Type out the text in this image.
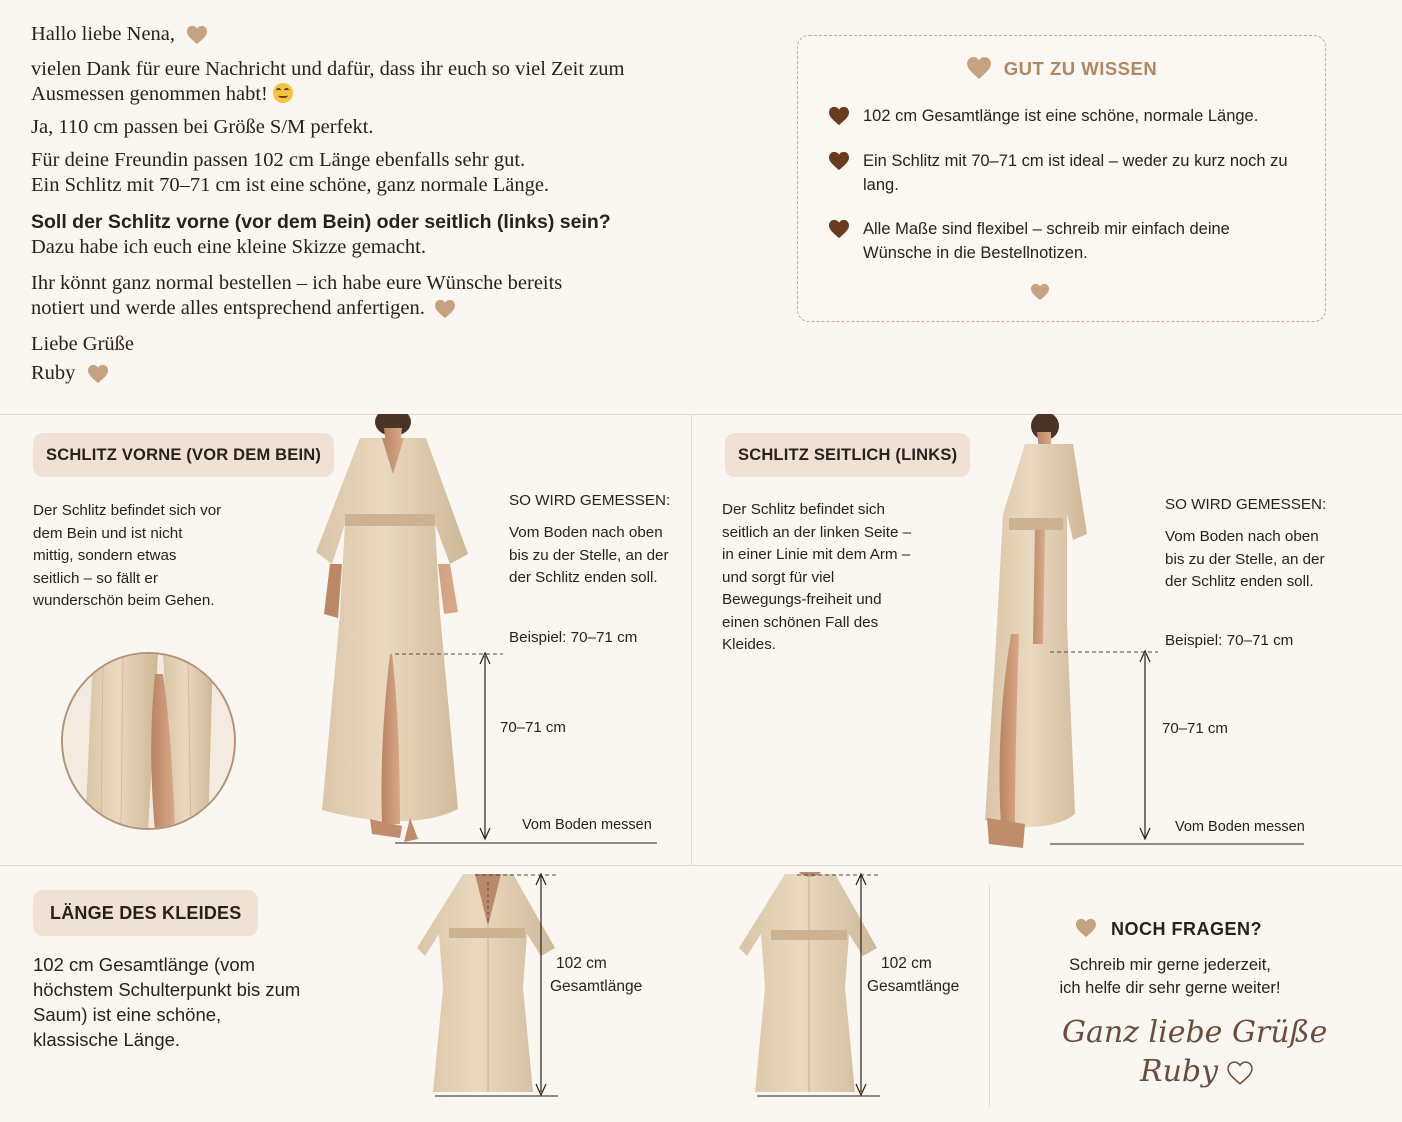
Hallo liebe Nena,

vielen Dank für eure Nachricht und dafür, dass ihr euch so viel Zeit zum Ausmessen genommen habt!

Ja, 110 cm passen bei Größe S/M perfekt.

Für deine Freundin passen 102 cm Länge ebenfalls sehr gut.
Ein Schlitz mit 70–71 cm ist eine schöne, ganz normale Länge.

Soll der Schlitz vorne (vor dem Bein) oder seitlich (links) sein?
Dazu habe ich euch eine kleine Skizze gemacht.

Ihr könnt ganz normal bestellen – ich habe eure Wünsche bereits notiert und werde alles entsprechend anfertigen.

Liebe Grüße

Ruby

GUT ZU WISSEN
102 cm Gesamtlänge ist eine schöne, normale Länge.
Ein Schlitz mit 70–71 cm ist ideal – weder zu kurz noch zu lang.
Alle Maße sind flexibel – schreib mir einfach deine Wünsche in die Bestellnotizen.
SCHLITZ VORNE (VOR DEM BEIN)
Der Schlitz befindet sich vor dem Bein und ist nicht mittig, sondern etwas seitlich – so fällt er wunderschön beim Gehen.
SO WIRD GEMESSEN:
Vom Boden nach oben bis zu der Stelle, an der der Schlitz enden soll.
Beispiel: 70–71 cm
70–71 cm
Vom Boden messen
SCHLITZ SEITLICH (LINKS)
Der Schlitz befindet sich seitlich an der linken Seite – in einer Linie mit dem Arm – und sorgt für viel Bewegungs-freiheit und einen schönen Fall des Kleides.
SO WIRD GEMESSEN:
Vom Boden nach oben bis zu der Stelle, an der der Schlitz enden soll.
Beispiel: 70–71 cm
70–71 cm
Vom Boden messen
LÄNGE DES KLEIDES
102 cm Gesamtlänge (vom höchstem Schulterpunkt bis zum Saum) ist eine schöne, klassische Länge.
102 cm
Gesamtlänge
102 cm
Gesamtlänge
NOCH FRAGEN?
Schreib mir gerne jederzeit,
ich helfe dir sehr gerne weiter!
Ganz liebe Grüße
Ruby
